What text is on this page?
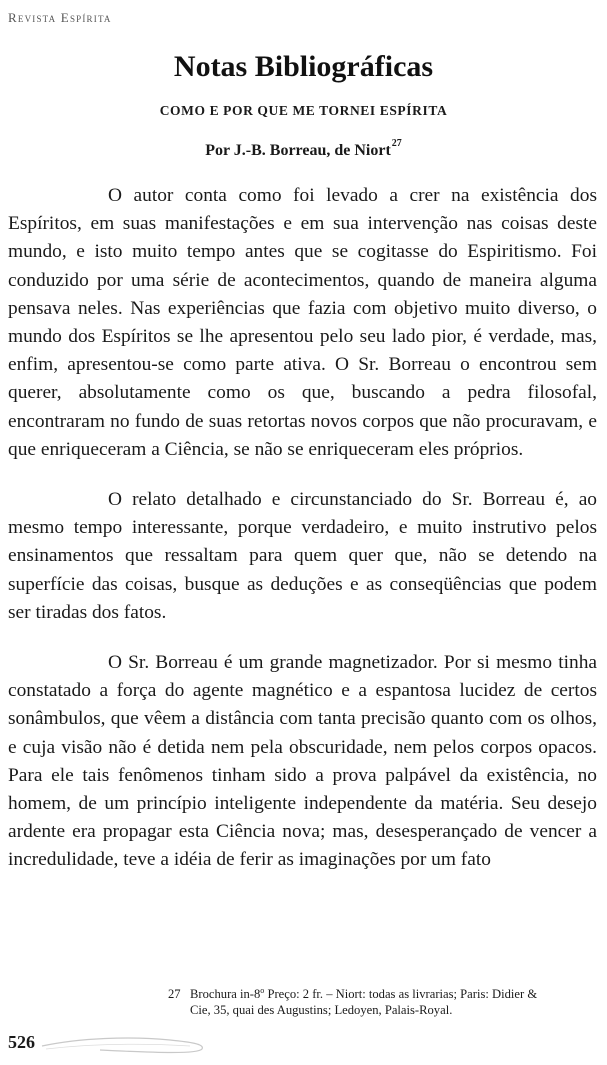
Revista Espírita
Notas Bibliográficas
COMO E POR QUE ME TORNEI ESPÍRITA
Por J.-B. Borreau, de Niort$^{27}$

O autor conta como foi levado a crer na existência dos Espíritos, em suas manifestações e em sua intervenção nas coisas deste mundo, e isto muito tempo antes que se cogitasse do Espiritismo. Foi conduzido por uma série de acontecimentos, quando de maneira alguma pensava neles. Nas experiências que fazia com objetivo muito diverso, o mundo dos Espíritos se lhe apresentou pelo seu lado pior, é verdade, mas, enfim, apresentou-se como parte ativa. O Sr. Borreau o encontrou sem querer, absolutamente como os que, buscando a pedra filosofal, encontraram no fundo de suas retortas novos corpos que não procuravam, e que enriqueceram a Ciência, se não se enriqueceram eles próprios.

O relato detalhado e circunstanciado do Sr. Borreau é, ao mesmo tempo interessante, porque verdadeiro, e muito instrutivo pelos ensinamentos que ressaltam para quem quer que, não se detendo na superfície das coisas, busque as deduções e as conseqüências que podem ser tiradas dos fatos.

O Sr. Borreau é um grande magnetizador. Por si mesmo tinha constatado a força do agente magnético e a espantosa lucidez de certos sonâmbulos, que vêem a distância com tanta precisão quanto com os olhos, e cuja visão não é detida nem pela obscuridade, nem pelos corpos opacos. Para ele tais fenômenos tinham sido a prova palpável da existência, no homem, de um princípio inteligente independente da matéria. Seu desejo ardente era propagar esta Ciência nova; mas, desesperançado de vencer a incredulidade, teve a idéia de ferir as imaginações por um fato

27 Brochura in-8$^o$ Preço: 2 fr. – Niort: todas as livrarias; Paris: Didier &
Cie, 35, quai des Augustins; Ledoyen, Palais-Royal.
526
